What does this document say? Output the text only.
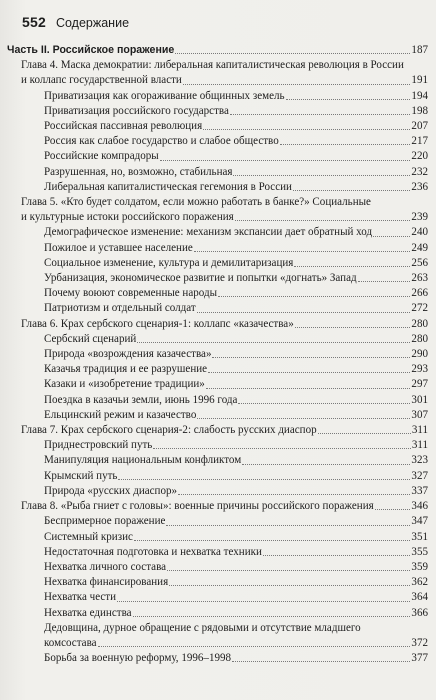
552 Содержание
Часть II. Российское поражение	187
Глава 4. Маска демократии: либеральная капиталистическая революция в России
и коллапс государственной власти	191
Приватизация как огораживание общинных земель	194
Приватизация российского государства	198
Российская пассивная революция	207
Россия как слабое государство и слабое общество	217
Российские компрадоры	220
Разрушенная, но, возможно, стабильная	232
Либеральная капиталистическая гегемония в России	236
Глава 5. «Кто будет солдатом, если можно работать в банке?» Социальные
и культурные истоки российского поражения	239
Демографическое изменение: механизм экспансии дает обратный ход	240
Пожилое и уставшее население	249
Социальное изменение, культура и демилитаризация	256
Урбанизация, экономическое развитие и попытки «догнать» Запад	263
Почему воюют современные народы	266
Патриотизм и отдельный солдат	272
Глава 6. Крах сербского сценария-1: коллапс «казачества»	280
Сербский сценарий	280
Природа «возрождения казачества»	290
Казачья традиция и ее разрушение	293
Казаки и «изобретение традиции»	297
Поездка в казачьи земли, июнь 1996 года	301
Ельцинский режим и казачество	307
Глава 7. Крах сербского сценария-2: слабость русских диаспор	311
Приднестровский путь	311
Манипуляция национальным конфликтом	323
Крымский путь	327
Природа «русских диаспор»	337
Глава 8. «Рыба гниет с головы»: военные причины российского поражения	346
Беспримерное поражение	347
Системный кризис	351
Недостаточная подготовка и нехватка техники	355
Нехватка личного состава	359
Нехватка финансирования	362
Нехватка чести	364
Нехватка единства	366
Дедовщина, дурное обращение с рядовыми и отсутствие младшего
комсостава	372
Борьба за военную реформу, 1996–1998	377
